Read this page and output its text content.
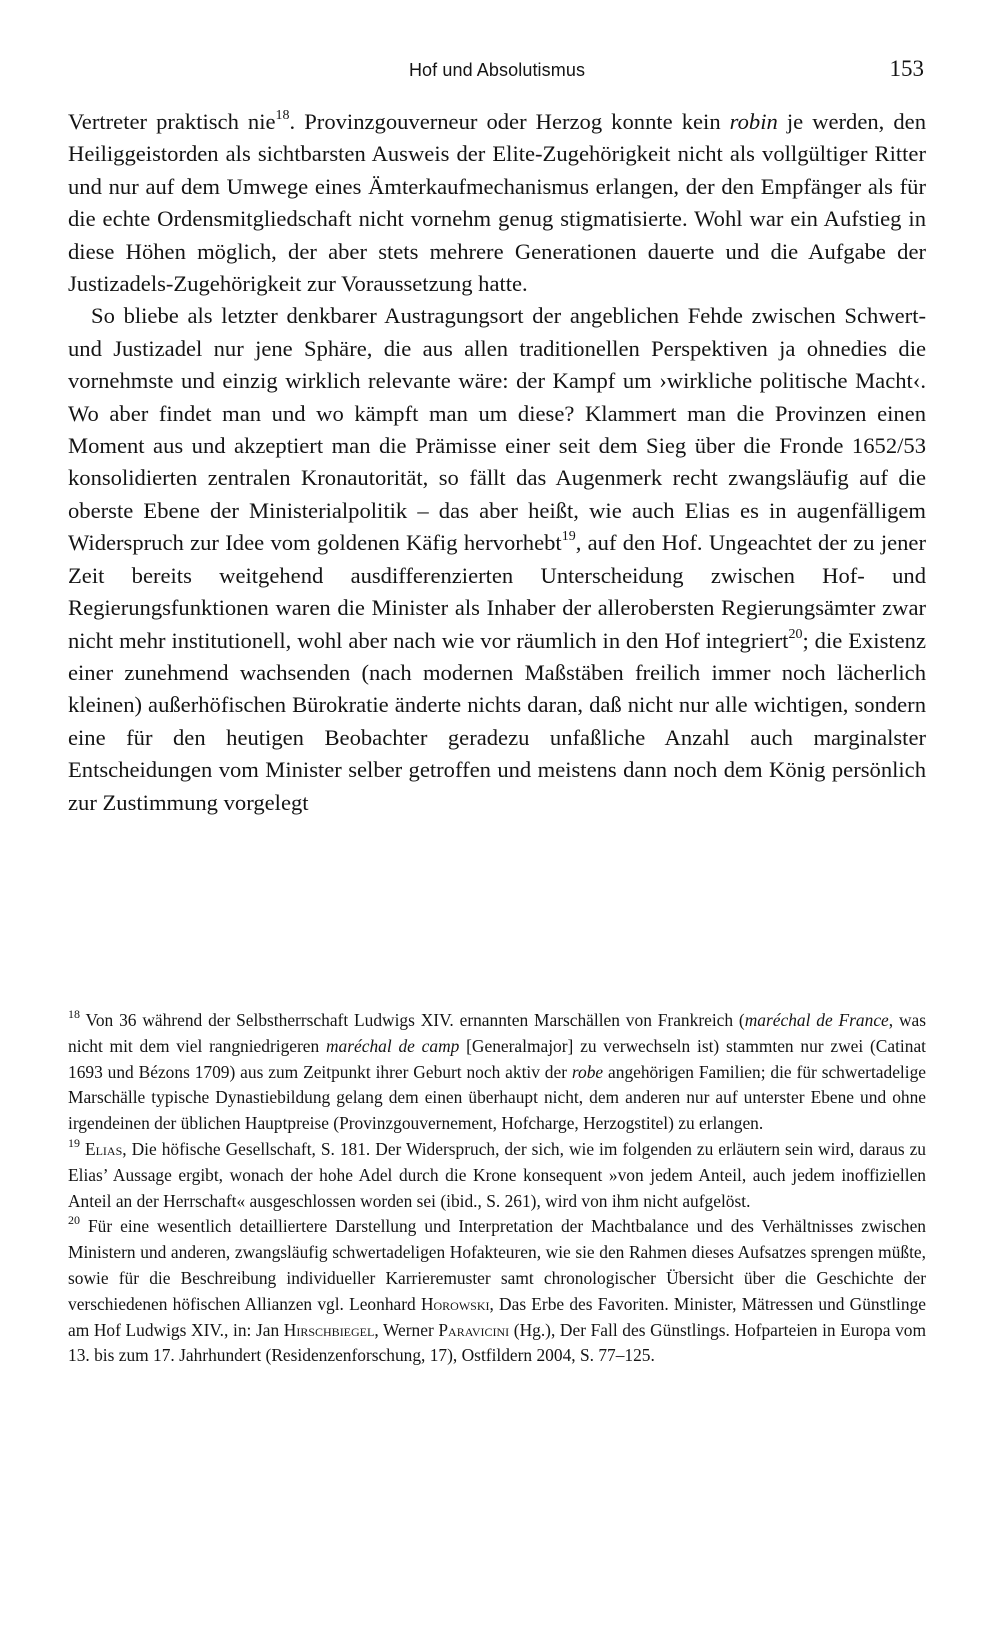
Hof und Absolutismus	153

Vertreter praktisch nie$^{18}$. Provinzgouverneur oder Herzog konnte kein robin je werden, den Heiliggeistorden als sichtbarsten Ausweis der Elite-Zugehörigkeit nicht als vollgültiger Ritter und nur auf dem Umwege eines Ämterkaufmechanismus erlangen, der den Empfänger als für die echte Ordensmitgliedschaft nicht vornehm genug stigmatisierte. Wohl war ein Aufstieg in diese Höhen möglich, der aber stets mehrere Generationen dauerte und die Aufgabe der Justizadels-Zugehörigkeit zur Voraussetzung hatte.

So bliebe als letzter denkbarer Austragungsort der angeblichen Fehde zwischen Schwert- und Justizadel nur jene Sphäre, die aus allen traditionellen Perspektiven ja ohnedies die vornehmste und einzig wirklich relevante wäre: der Kampf um ›wirkliche politische Macht‹. Wo aber findet man und wo kämpft man um diese? Klammert man die Provinzen einen Moment aus und akzeptiert man die Prämisse einer seit dem Sieg über die Fronde 1652/53 konsolidierten zentralen Kronautorität, so fällt das Augenmerk recht zwangsläufig auf die oberste Ebene der Ministerialpolitik – das aber heißt, wie auch Elias es in augenfälligem Widerspruch zur Idee vom goldenen Käfig hervorhebt$^{19}$, auf den Hof. Ungeachtet der zu jener Zeit bereits weitgehend ausdifferenzierten Unterscheidung zwischen Hof- und Regierungsfunktionen waren die Minister als Inhaber der allerobersten Regierungsämter zwar nicht mehr institutionell, wohl aber nach wie vor räumlich in den Hof integriert$^{20}$; die Existenz einer zunehmend wachsenden (nach modernen Maßstäben freilich immer noch lächerlich kleinen) außerhöfischen Bürokratie änderte nichts daran, daß nicht nur alle wichtigen, sondern eine für den heutigen Beobachter geradezu unfaßliche Anzahl auch marginalster Entscheidungen vom Minister selber getroffen und meistens dann noch dem König persönlich zur Zustimmung vorgelegt

$^{18}$ Von 36 während der Selbstherrschaft Ludwigs XIV. ernannten Marschällen von Frankreich (maréchal de France, was nicht mit dem viel rangniedrigeren maréchal de camp [Generalmajor] zu verwechseln ist) stammten nur zwei (Catinat 1693 und Bézons 1709) aus zum Zeitpunkt ihrer Geburt noch aktiv der robe angehörigen Familien; die für schwertadelige Marschälle typische Dynastiebildung gelang dem einen überhaupt nicht, dem anderen nur auf unterster Ebene und ohne irgendeinen der üblichen Hauptpreise (Provinzgouvernement, Hofcharge, Herzogstitel) zu erlangen.

$^{19}$ Elias, Die höfische Gesellschaft, S. 181. Der Widerspruch, der sich, wie im folgenden zu erläutern sein wird, daraus zu Elias’ Aussage ergibt, wonach der hohe Adel durch die Krone konsequent »von jedem Anteil, auch jedem inoffiziellen Anteil an der Herrschaft« ausgeschlossen worden sei (ibid., S. 261), wird von ihm nicht aufgelöst.

$^{20}$ Für eine wesentlich detailliertere Darstellung und Interpretation der Machtbalance und des Verhältnisses zwischen Ministern und anderen, zwangsläufig schwertadeligen Hofakteuren, wie sie den Rahmen dieses Aufsatzes sprengen müßte, sowie für die Beschreibung individueller Karrieremuster samt chronologischer Übersicht über die Geschichte der verschiedenen höfischen Allianzen vgl. Leonhard Horowski, Das Erbe des Favoriten. Minister, Mätressen und Günstlinge am Hof Ludwigs XIV., in: Jan Hirschbiegel, Werner Paravicini (Hg.), Der Fall des Günstlings. Hofparteien in Europa vom 13. bis zum 17. Jahrhundert (Residenzenforschung, 17), Ostfildern 2004, S. 77–125.
